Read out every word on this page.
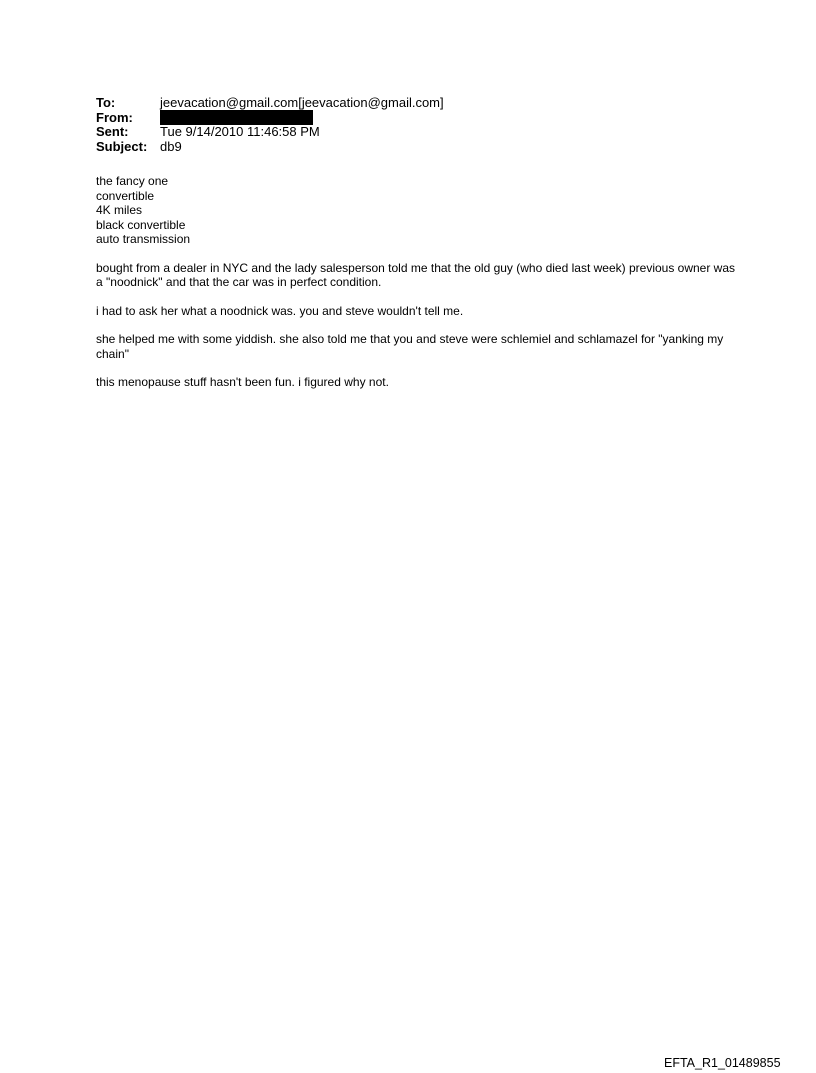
To:	jeevacation@gmail.com[jeevacation@gmail.com]
From:
Sent:	Tue 9/14/2010 11:46:58 PM
Subject: db9
the fancy one
convertible
4K miles
black convertible
auto transmission
bought from a dealer in NYC and the lady salesperson told me that the old guy (who died last week) previous owner was a "noodnick" and that the car was in perfect condition.
i had to ask her what a noodnick was. you and steve wouldn't tell me.
she helped me with some yiddish. she also told me that you and steve were schlemiel and schlamazel for "yanking my chain"
this menopause stuff hasn't been fun. i figured why not.
EFTA_R1_01489855
